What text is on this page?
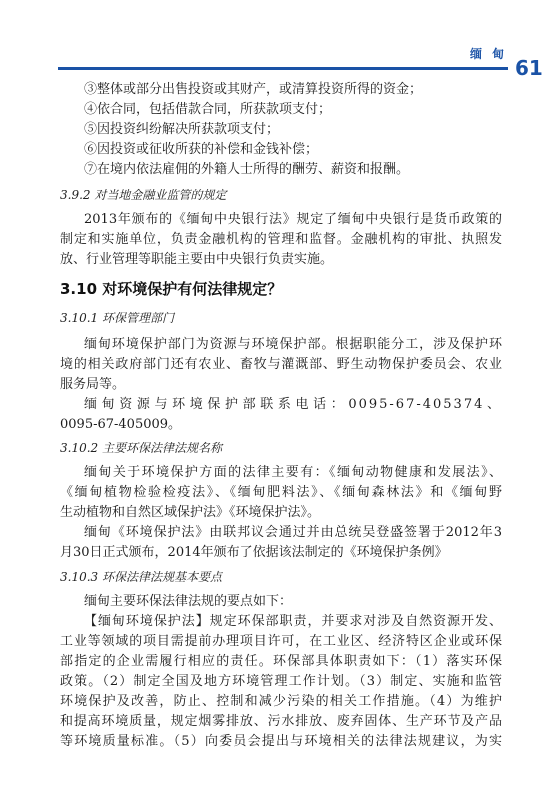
缅 甸
61
③整体或部分出售投资或其财产，或清算投资所得的资金；
④依合同，包括借款合同，所获款项支付；
⑤因投资纠纷解决所获款项支付；
⑥因投资或征收所获的补偿和金钱补偿；
⑦在境内依法雇佣的外籍人士所得的酬劳、薪资和报酬。
3.9.2 对当地金融业监管的规定
2013年颁布的《缅甸中央银行法》规定了缅甸中央银行是货币政策的
制定和实施单位，负责金融机构的管理和监督。金融机构的审批、执照发
放、行业管理等职能主要由中央银行负责实施。
3.10 对环境保护有何法律规定？
3.10.1 环保管理部门
缅甸环境保护部门为资源与环境保护部。根据职能分工，涉及保护环
境的相关政府部门还有农业、畜牧与灌溉部、野生动物保护委员会、农业
服务局等。
缅甸资源与环境保护部联系电话：0095-67-405374、
0095-67-405009。
3.10.2 主要环保法律法规名称
缅甸关于环境保护方面的法律主要有：《缅甸动物健康和发展法》、
《缅甸植物检验检疫法》、《缅甸肥料法》、《缅甸森林法》和《缅甸野
生动植物和自然区域保护法》《环境保护法》。
缅甸《环境保护法》由联邦议会通过并由总统吴登盛签署于2012年3
月30日正式颁布，2014年颁布了依据该法制定的《环境保护条例》
3.10.3 环保法律法规基本要点
缅甸主要环保法律法规的要点如下：
【缅甸环境保护法】规定环保部职责，并要求对涉及自然资源开发、
工业等领域的项目需提前办理项目许可，在工业区、经济特区企业或环保
部指定的企业需履行相应的责任。环保部具体职责如下：（1）落实环保
政策。（2）制定全国及地方环境管理工作计划。（3）制定、实施和监管
环境保护及改善，防止、控制和减少污染的相关工作措施。（4）为维护
和提高环境质量，规定烟雾排放、污水排放、废弃固体、生产环节及产品
等环境质量标准。（5）向委员会提出与环境相关的法律法规建议，为实
